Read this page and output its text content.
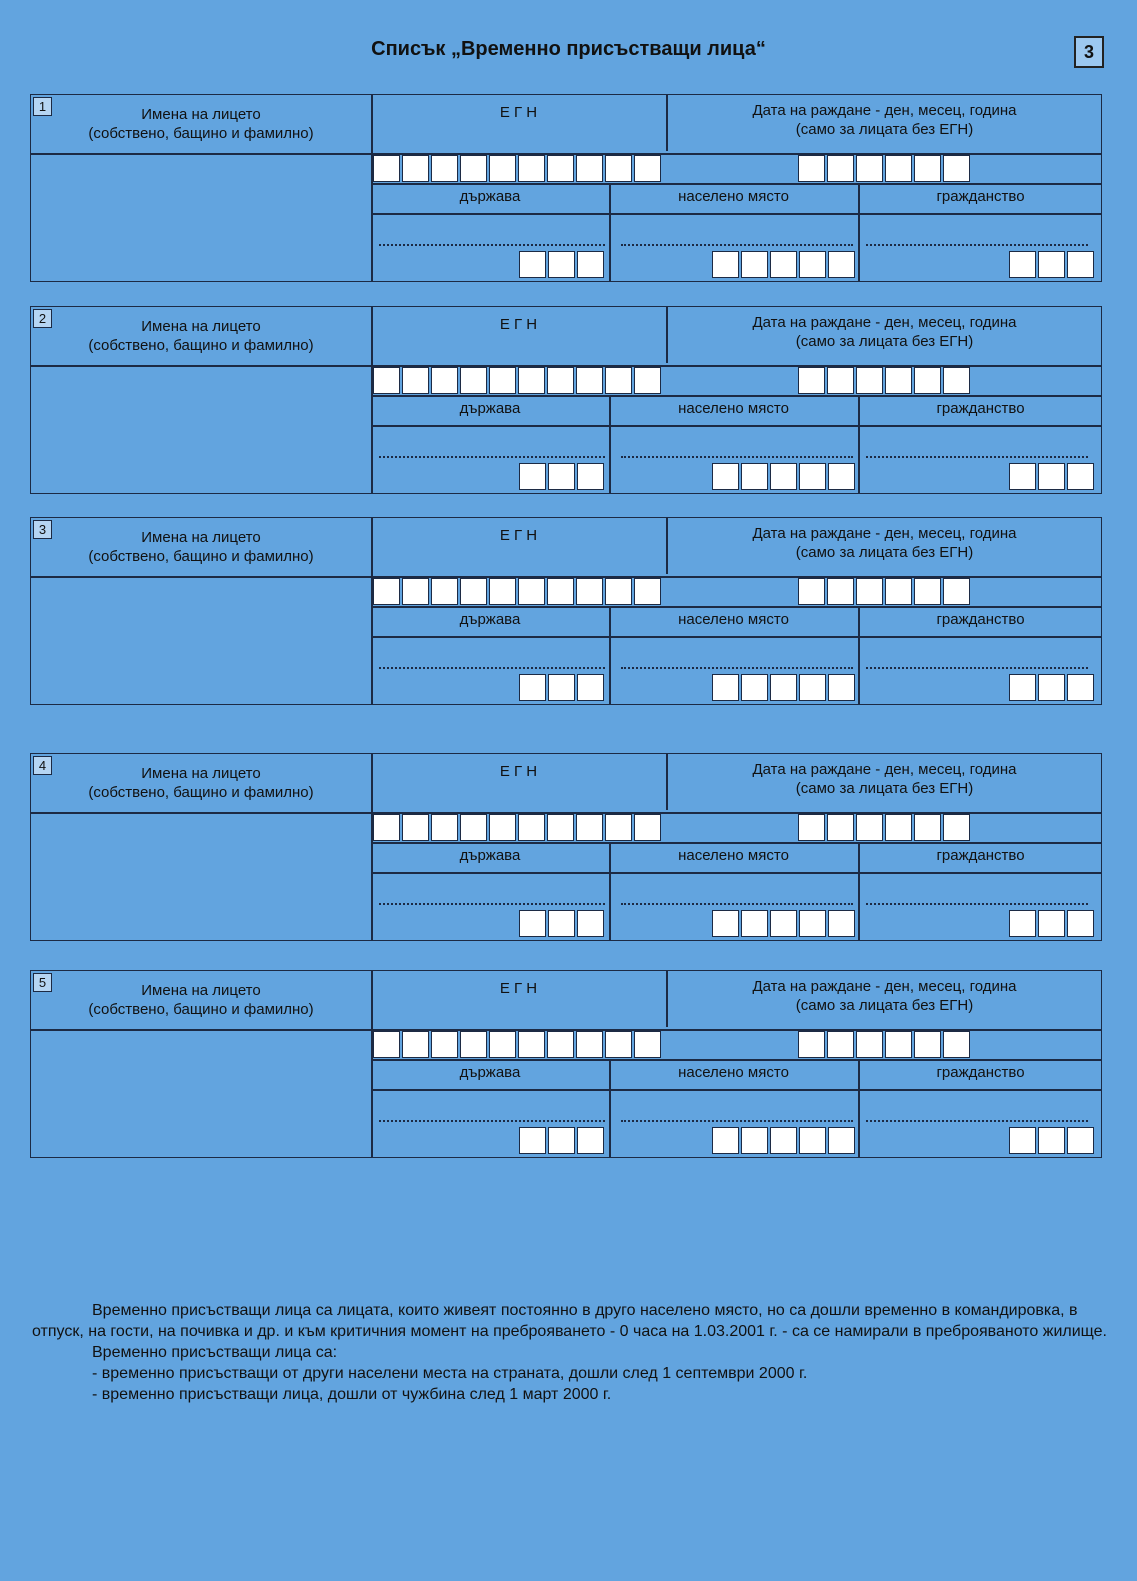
Списък „Временно присъстващи лица“	3
1	Имена на лицето
(собствено, бащино и фамилно)
Е Г Н	Дата на раждане - ден, месец, година
(само за лицата без ЕГН)
държава	населено място	гражданство
2	Имена на лицето
(собствено, бащино и фамилно)
Е Г Н	Дата на раждане - ден, месец, година
(само за лицата без ЕГН)
държава	населено място	гражданство
3	Имена на лицето
(собствено, бащино и фамилно)
Е Г Н	Дата на раждане - ден, месец, година
(само за лицата без ЕГН)
държава	населено място	гражданство
4	Имена на лицето
(собствено, бащино и фамилно)
Е Г Н	Дата на раждане - ден, месец, година
(само за лицата без ЕГН)
държава	населено място	гражданство
5	Имена на лицето
(собствено, бащино и фамилно)
Е Г Н	Дата на раждане - ден, месец, година
(само за лицата без ЕГН)
държава	населено място	гражданство

Временно присъстващи лица са лицата, които живеят постоянно в друго населено място, но са дошли временно в командировка, в отпуск, на гости, на почивка и др. и към критичния момент на преброяването - 0 часа на 1.03.2001 г. - са се намирали в преброяваното жилище.

Временно присъстващи лица са:

- временно присъстващи от други населени места на страната, дошли след 1 септември 2000 г.

- временно присъстващи лица, дошли от чужбина след 1 март 2000 г.
